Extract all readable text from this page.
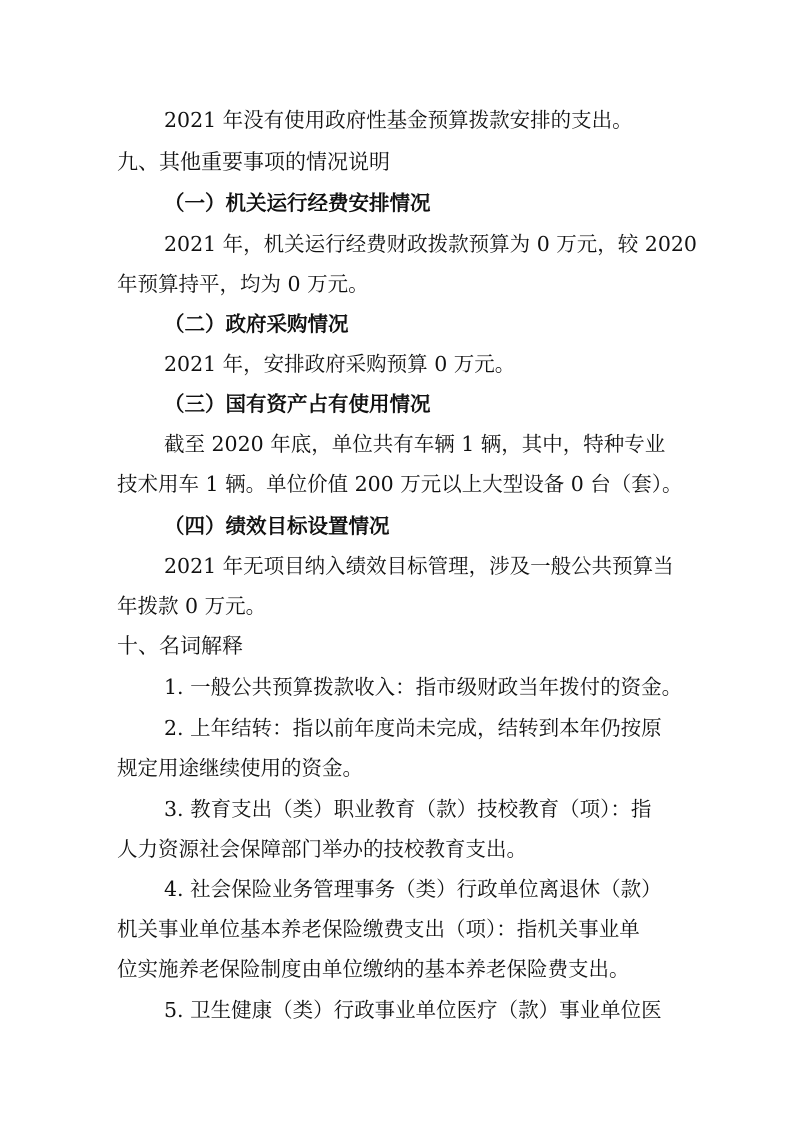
2021 年没有使用政府性基金预算拨款安排的支出。

九、其他重要事项的情况说明

（一）机关运行经费安排情况

2021 年，机关运行经费财政拨款预算为 0 万元，较 2020

年预算持平，均为 0 万元。

（二）政府采购情况

2021 年，安排政府采购预算 0 万元。

（三）国有资产占有使用情况

截至 2020 年底，单位共有车辆 1 辆，其中，特种专业

技术用车 1 辆。单位价值 200 万元以上大型设备 0 台（套）。

（四）绩效目标设置情况

2021 年无项目纳入绩效目标管理，涉及一般公共预算当

年拨款 0 万元。

十、名词解释

1. 一般公共预算拨款收入：指市级财政当年拨付的资金。

2. 上年结转：指以前年度尚未完成，结转到本年仍按原

规定用途继续使用的资金。

3. 教育支出（类）职业教育（款）技校教育（项）：指

人力资源社会保障部门举办的技校教育支出。

4. 社会保险业务管理事务（类）行政单位离退休（款）

机关事业单位基本养老保险缴费支出（项）：指机关事业单

位实施养老保险制度由单位缴纳的基本养老保险费支出。

5. 卫生健康（类）行政事业单位医疗（款）事业单位医
